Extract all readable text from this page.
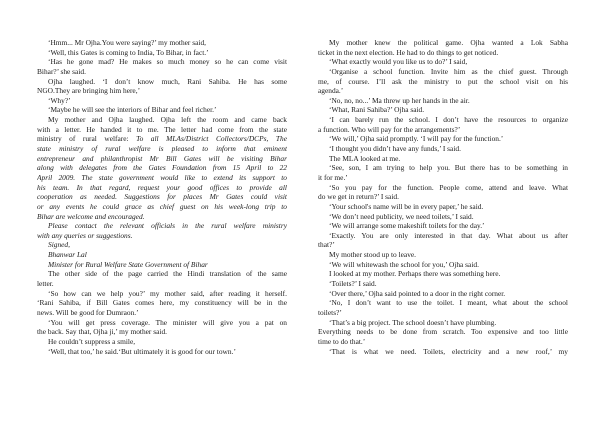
‘Hmm... Mr Ojha.You were saying?’ my mother said,
‘Well, this Gates is coming to India, To Bihar, in fact.’
‘Has he gone mad? He makes so much money so he can come visit
Bihar?’ she said.
Ojha laughed. ‘I don’t know much, Rani Sahiba. He has some
NGO.They are bringing him here,’
‘Why?’
‘Maybe he will see the interiors of Bihar and feel richer.’
My mother and Ojha laughed. Ojha left the room and came back
with a letter. He handed it to me. The letter had come from the state
ministry of rural welfare: To all MLAs/District Collectors/DCPs, The
state ministry of rural welfare is pleased to inform that eminent
entrepreneur and philanthropist Mr Bill Gates will be visiting Bihar
along with delegates from the Gates Foundation from 15 April to 22
April 2009. The state government would like to extend its support to
his team. In that regard, request your good offices to provide all
cooperation as needed. Suggestions for places Mr Gates could visit
or any events he could grace as chief guest on his week-long trip to
Bihar are welcome and encouraged.
Please contact the relevant officials in the rural welfare ministry
with any queries or suggestions.
Signed,
Bhanwar Lal
Minister for Rural Welfare State Government of Bihar
The other side of the page carried the Hindi translation of the same
letter.
‘So how can we help you?’ my mother said, after reading it herself.
‘Rani Sahiba, if Bill Gates comes here, my constituency will be in the
news. Will be good for Dumraon.’
‘You will get press coverage. The minister will give you a pat on
the back. Say that, Ojha ji,’ my mother said.
He couldn’t suppress a smile,
‘Well, that too,’ he said.‘But ultimately it is good for our town.’
My mother knew the political game. Ojha wanted a Lok Sabha
ticket in the next election. He had to do things to get noticed.
‘What exactly would you like us to do?’ I said,
‘Organise a school function. Invite him as the chief guest. Through
me, of course. I’ll ask the ministry to put the school visit on his
agenda.’
‘No, no, no...’ Ma threw up her hands in the air.
‘What, Rani Sahiba?’ Ojha said.
‘I can barely run the school. I don’t have the resources to organize
a function. Who will pay for the arrangements?’
‘We will,’ Ojha said promptly. ‘I will pay for the function.’
‘I thought you didn’t have any funds,’ I said.
The MLA looked at me.
‘See, son, I am trying to help you. But there has to be something in
it for me.’
‘So you pay for the function. People come, attend and leave. What
do we get in return?’ I said.
‘Your school's name will be in every paper,’ he said.
‘We don’t need publicity, we need toilets,’ I said.
‘We will arrange some makeshift toilets for the day.’
‘Exactly. You are only interested in that day. What about us after
that?’
My mother stood up to leave.
‘We will whitewash the school for you,’ Ojha said.
I looked at my mother. Perhaps there was something here.
‘Toilets?’ I said.
‘Over there,’ Ojha said pointed to a door in the right corner.
‘No, I don’t want to use the toilet. I meant, what about the school
toilets?’
‘That’s a big project. The school doesn’t have plumbing.
Everything needs to be done from scratch. Too expensive and too little
time to do that.’
‘That is what we need. Toilets, electricity and a new roof,’ my
